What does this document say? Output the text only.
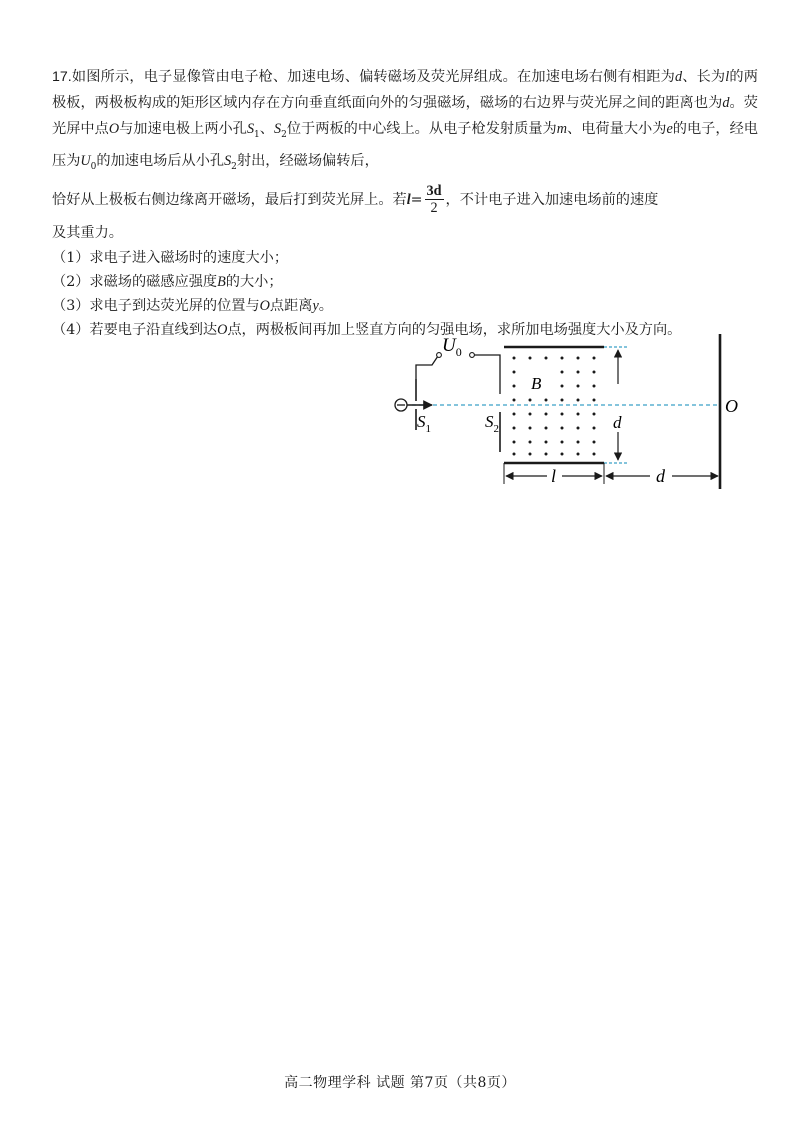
17.如图所示，电子显像管由电子枪、加速电场、偏转磁场及荧光屏组成。在加速电场右侧有相距为d、长为l的两极板，两极板构成的矩形区域内存在方向垂直纸面向外的匀强磁场，磁场的右边界与荧光屏之间的距离也为d。荧光屏中点O与加速电极上两小孔$S_1$、$S_2$位于两板的中心线上。从电子枪发射质量为m、电荷量大小为e的电子，经电压为$U_0$的加速电场后从小孔$S_2$射出，经磁场偏转后，

恰好从上极板右侧边缘离开磁场，最后打到荧光屏上。若$l= \frac{3d}{2}$ ，不计电子进入加速电场前的速度

及其重力。

（1）求电子进入磁场时的速度大小；

（2）求磁场的磁感应强度B的大小；

（3）求电子到达荧光屏的位置与O点距离y。

（4）若要电子沿直线到达O点，两极板间再加上竖直方向的匀强电场，求所加电场强度大小及方向。

$U_0$
B
$S_1$	$S_2$	d
l	d
O
高二物理学科 试题 第7页（共8页）
